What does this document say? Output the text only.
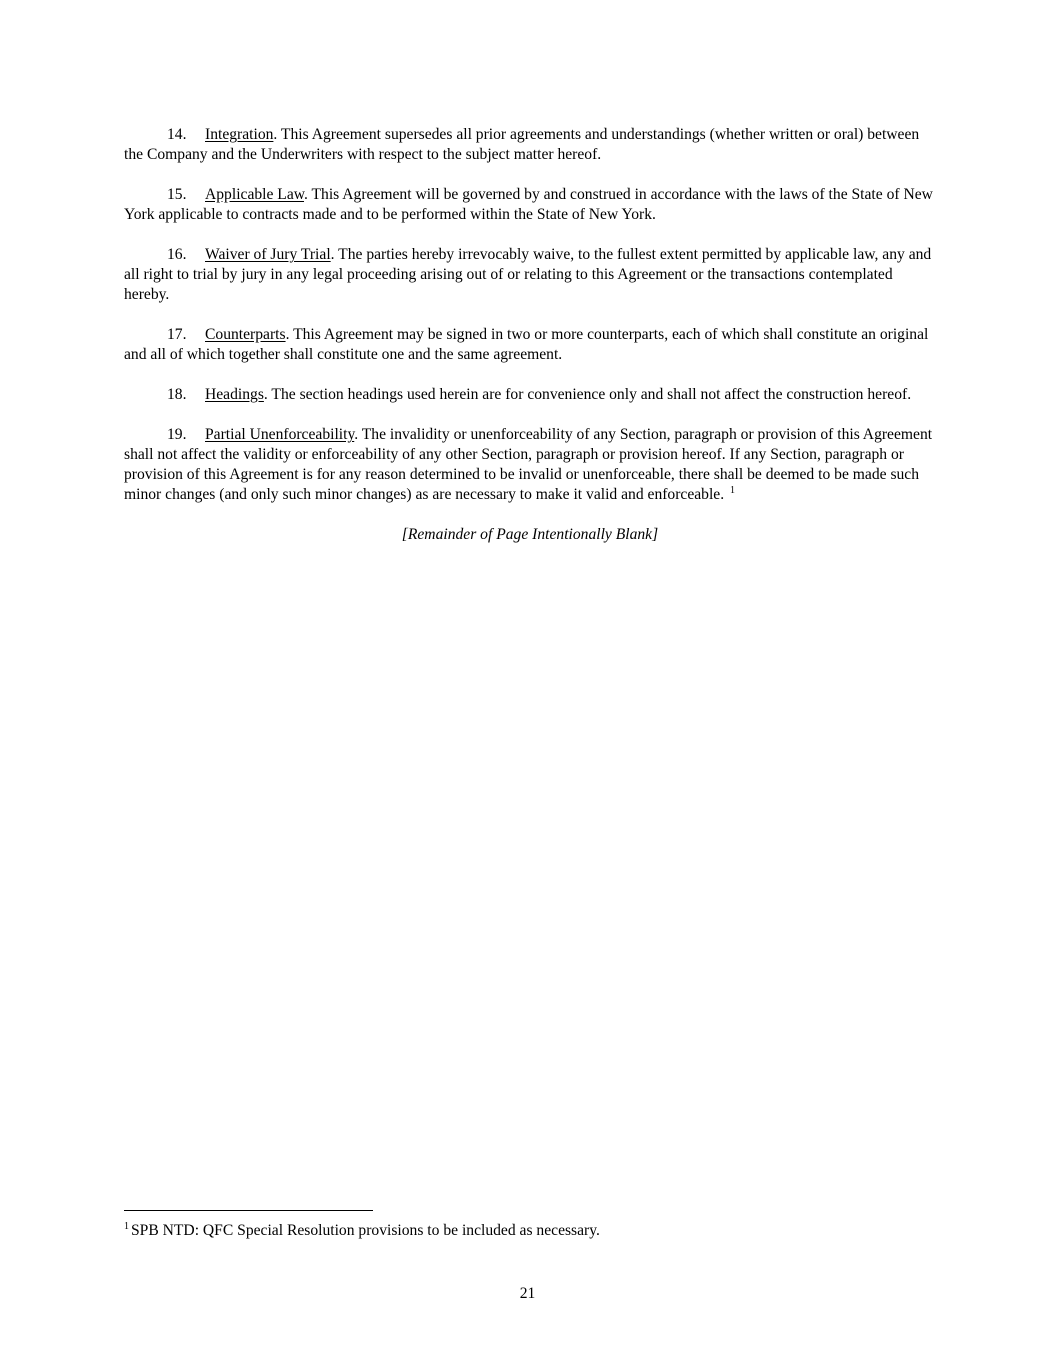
14. Integration. This Agreement supersedes all prior agreements and understandings (whether written or oral) between the Company and the Underwriters with respect to the subject matter hereof.

15. Applicable Law. This Agreement will be governed by and construed in accordance with the laws of the State of New York applicable to contracts made and to be performed within the State of New York.

16. Waiver of Jury Trial. The parties hereby irrevocably waive, to the fullest extent permitted by applicable law, any and all right to trial by jury in any legal proceeding arising out of or relating to this Agreement or the transactions contemplated hereby.

17. Counterparts. This Agreement may be signed in two or more counterparts, each of which shall constitute an original and all of which together shall constitute one and the same agreement.

18. Headings. The section headings used herein are for convenience only and shall not affect the construction hereof.

19. Partial Unenforceability. The invalidity or unenforceability of any Section, paragraph or provision of this Agreement shall not affect the validity or enforceability of any other Section, paragraph or provision hereof. If any Section, paragraph or provision of this Agreement is for any reason determined to be invalid or unenforceable, there shall be deemed to be made such minor changes (and only such minor changes) as are necessary to make it valid and enforceable. $^1$

[Remainder of Page Intentionally Blank]

$^1$ SPB NTD: QFC Special Resolution provisions to be included as necessary.
21
